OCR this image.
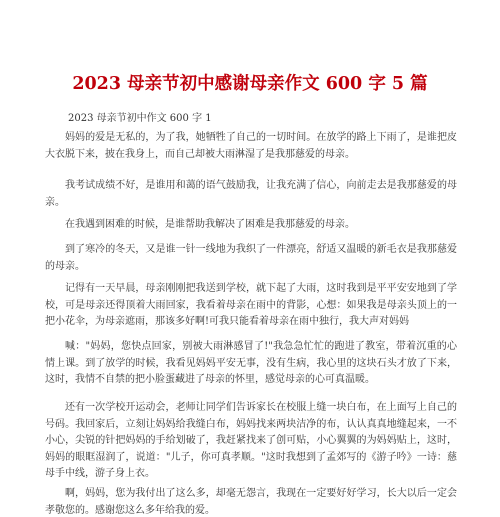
2023 母亲节初中感谢母亲作文 600 字 5 篇

2023 母亲节初中作文 600 字 1

妈妈的爱是无私的，为了我，她牺牲了自己的一切时间。在放学的路上下雨了，是谁把皮大衣脱下来，披在我身上，而自己却被大雨淋湿了是我那慈爱的母亲。

我考试成绩不好，是谁用和蔼的语气鼓励我，让我充满了信心，向前走去是我那慈爱的母亲。

在我遇到困难的时候，是谁帮助我解决了困难是我那慈爱的母亲。

到了寒冷的冬天，又是谁一针一线地为我织了一件漂亮，舒适又温暖的新毛衣是我那慈爱的母亲。

记得有一天早晨，母亲刚刚把我送到学校，就下起了大雨，这时我到是平平安安地到了学校，可是母亲还得顶着大雨回家，我看着母亲在雨中的背影，心想：如果我是母亲头顶上的一把小花伞，为母亲遮雨，那该多好啊!可我只能看着母亲在雨中独行，我大声对妈妈

喊："妈妈，您快点回家，别被大雨淋感冒了!"我急急忙忙的跑进了教室，带着沉重的心情上课。到了放学的时候，我看见妈妈平安无事，没有生病，我心里的这块石头才放了下来，这时，我情不自禁的把小脸蛋藏进了母亲的怀里，感觉母亲的心可真温暖。

还有一次学校开运动会，老师让同学们告诉家长在校服上缝一块白布，在上面写上自己的号码。我回家后，立刻让妈妈给我缝白布，妈妈找来两块洁净的布，认认真真地缝起来，一不小心，尖锐的针把妈妈的手给划破了，我赶紧找来了创可贴，小心翼翼的为妈妈贴上，这时，妈妈的眼眶湿润了，说道："儿子，你可真孝顺。"这时我想到了孟郊写的《游子吟》一诗：慈母手中线，游子身上衣。

啊，妈妈，您为我付出了这么多，却毫无怨言，我现在一定要好好学习，长大以后一定会孝敬您的。感谢您这么多年给我的爱。
